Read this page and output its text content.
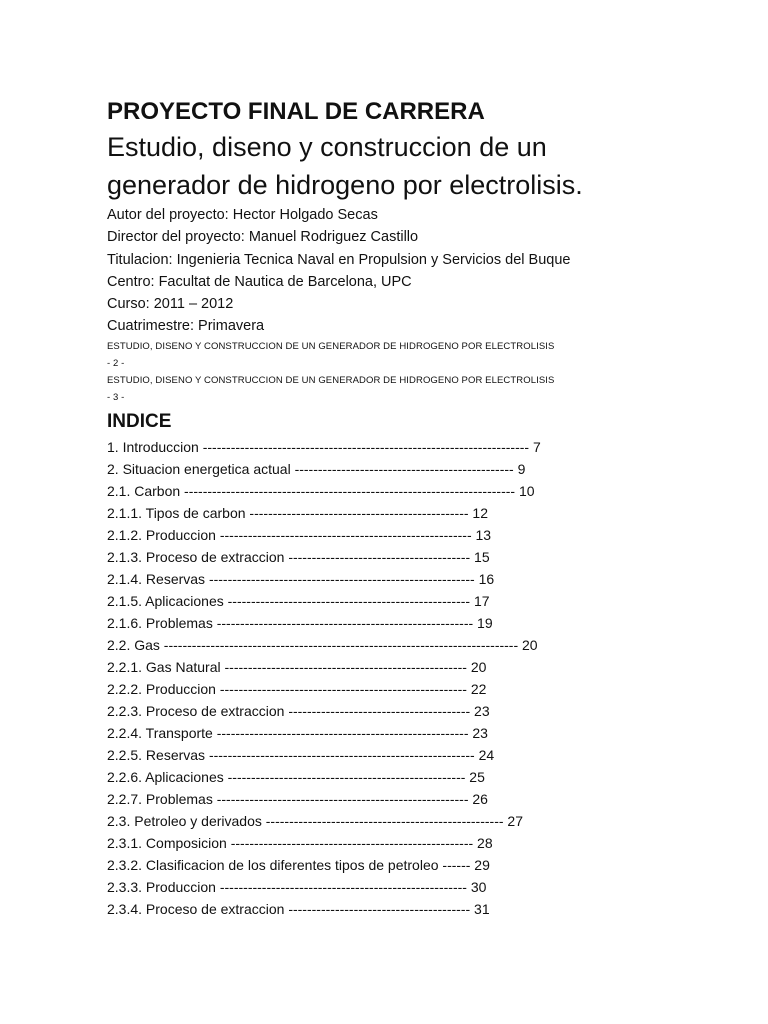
PROYECTO FINAL DE CARRERA

Estudio, diseno y construccion de un

generador de hidrogeno por electrolisis.

Autor del proyecto: Hector Holgado Secas

Director del proyecto: Manuel Rodriguez Castillo

Titulacion: Ingenieria Tecnica Naval en Propulsion y Servicios del Buque

Centro: Facultat de Nautica de Barcelona, UPC

Curso: 2011 – 2012

Cuatrimestre: Primavera

ESTUDIO, DISENO Y CONSTRUCCION DE UN GENERADOR DE HIDROGENO POR ELECTROLISIS

- 2 -

ESTUDIO, DISENO Y CONSTRUCCION DE UN GENERADOR DE HIDROGENO POR ELECTROLISIS

- 3 -

INDICE
1. Introduccion ---------------------------------------------------------------------- 7
2. Situacion energetica actual ----------------------------------------------- 9
2.1. Carbon ----------------------------------------------------------------------- 10
2.1.1. Tipos de carbon ----------------------------------------------- 12
2.1.2. Produccion ------------------------------------------------------ 13
2.1.3. Proceso de extraccion --------------------------------------- 15
2.1.4. Reservas --------------------------------------------------------- 16
2.1.5. Aplicaciones ---------------------------------------------------- 17
2.1.6. Problemas ------------------------------------------------------- 19
2.2. Gas ---------------------------------------------------------------------------- 20
2.2.1. Gas Natural ---------------------------------------------------- 20
2.2.2. Produccion ----------------------------------------------------- 22
2.2.3. Proceso de extraccion --------------------------------------- 23
2.2.4. Transporte ------------------------------------------------------ 23
2.2.5. Reservas --------------------------------------------------------- 24
2.2.6. Aplicaciones --------------------------------------------------- 25
2.2.7. Problemas ------------------------------------------------------ 26
2.3. Petroleo y derivados --------------------------------------------------- 27
2.3.1. Composicion ---------------------------------------------------- 28
2.3.2. Clasificacion de los diferentes tipos de petroleo ------ 29
2.3.3. Produccion ----------------------------------------------------- 30
2.3.4. Proceso de extraccion --------------------------------------- 31
